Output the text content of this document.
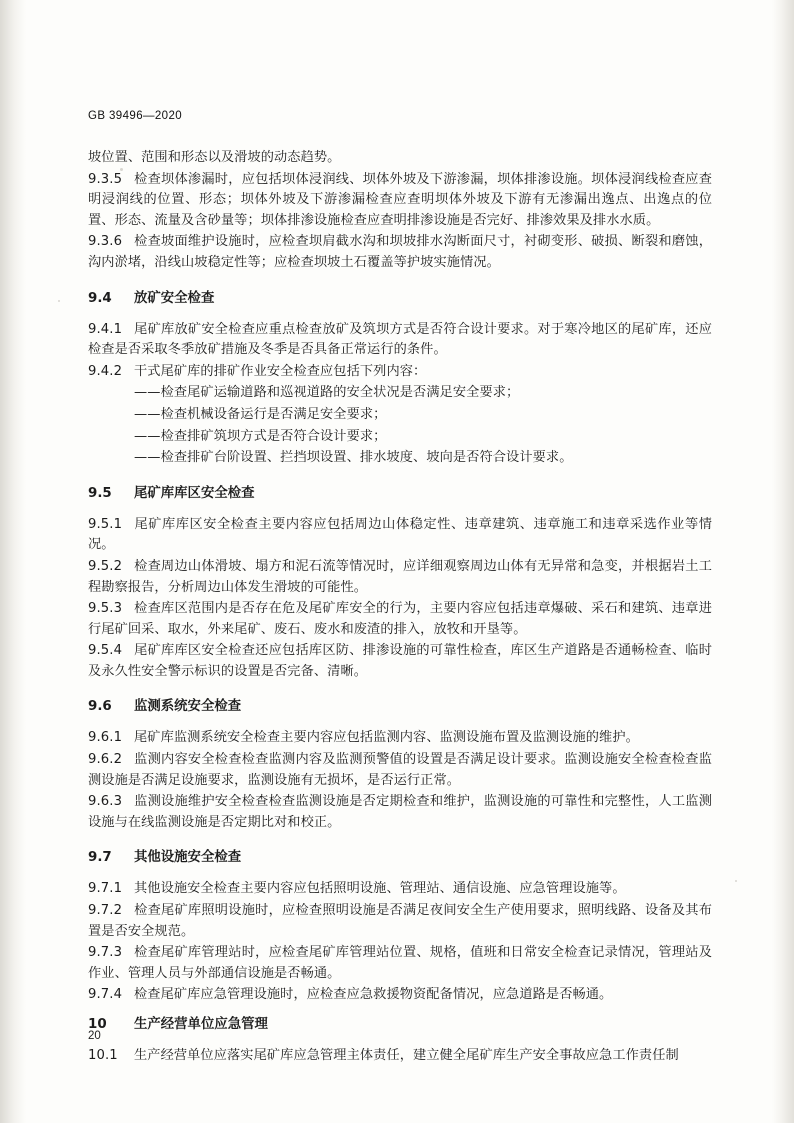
GB 39496—2020

坡位置、范围和形态以及滑坡的动态趋势。

9.3.5 检查坝体渗漏时，应包括坝体浸润线、坝体外坡及下游渗漏，坝体排渗设施。坝体浸润线检查应查明浸润线的位置、形态；坝体外坡及下游渗漏检查应查明坝体外坡及下游有无渗漏出逸点、出逸点的位置、形态、流量及含砂量等；坝体排渗设施检查应查明排渗设施是否完好、排渗效果及排水水质。

9.3.6 检查坡面维护设施时，应检查坝肩截水沟和坝坡排水沟断面尺寸，衬砌变形、破损、断裂和磨蚀，沟内淤堵，沿线山坡稳定性等；应检查坝坡土石覆盖等护坡实施情况。

9.4 放矿安全检查

9.4.1 尾矿库放矿安全检查应重点检查放矿及筑坝方式是否符合设计要求。对于寒冷地区的尾矿库，还应检查是否采取冬季放矿措施及冬季是否具备正常运行的条件。

9.4.2 干式尾矿库的排矿作业安全检查应包括下列内容：

——检查尾矿运输道路和巡视道路的安全状况是否满足安全要求；

——检查机械设备运行是否满足安全要求；

——检查排矿筑坝方式是否符合设计要求；

——检查排矿台阶设置、拦挡坝设置、排水坡度、坡向是否符合设计要求。

9.5 尾矿库库区安全检查

9.5.1 尾矿库库区安全检查主要内容应包括周边山体稳定性、违章建筑、违章施工和违章采选作业等情况。

9.5.2 检查周边山体滑坡、塌方和泥石流等情况时，应详细观察周边山体有无异常和急变，并根据岩土工程勘察报告，分析周边山体发生滑坡的可能性。

9.5.3 检查库区范围内是否存在危及尾矿库安全的行为，主要内容应包括违章爆破、采石和建筑、违章进行尾矿回采、取水，外来尾矿、废石、废水和废渣的排入，放牧和开垦等。

9.5.4 尾矿库库区安全检查还应包括库区防、排渗设施的可靠性检查，库区生产道路是否通畅检查、临时及永久性安全警示标识的设置是否完备、清晰。

9.6 监测系统安全检查

9.6.1 尾矿库监测系统安全检查主要内容应包括监测内容、监测设施布置及监测设施的维护。

9.6.2 监测内容安全检查检查监测内容及监测预警值的设置是否满足设计要求。监测设施安全检查检查监测设施是否满足设施要求，监测设施有无损坏，是否运行正常。

9.6.3 监测设施维护安全检查检查监测设施是否定期检查和维护，监测设施的可靠性和完整性，人工监测设施与在线监测设施是否定期比对和校正。

9.7 其他设施安全检查

9.7.1 其他设施安全检查主要内容应包括照明设施、管理站、通信设施、应急管理设施等。

9.7.2 检查尾矿库照明设施时，应检查照明设施是否满足夜间安全生产使用要求，照明线路、设备及其布置是否安全规范。

9.7.3 检查尾矿库管理站时，应检查尾矿库管理站位置、规格，值班和日常安全检查记录情况，管理站及作业、管理人员与外部通信设施是否畅通。

9.7.4 检查尾矿库应急管理设施时，应检查应急救援物资配备情况，应急道路是否畅通。

10 生产经营单位应急管理

10.1 生产经营单位应落实尾矿库应急管理主体责任，建立健全尾矿库生产安全事故应急工作责任制

20
